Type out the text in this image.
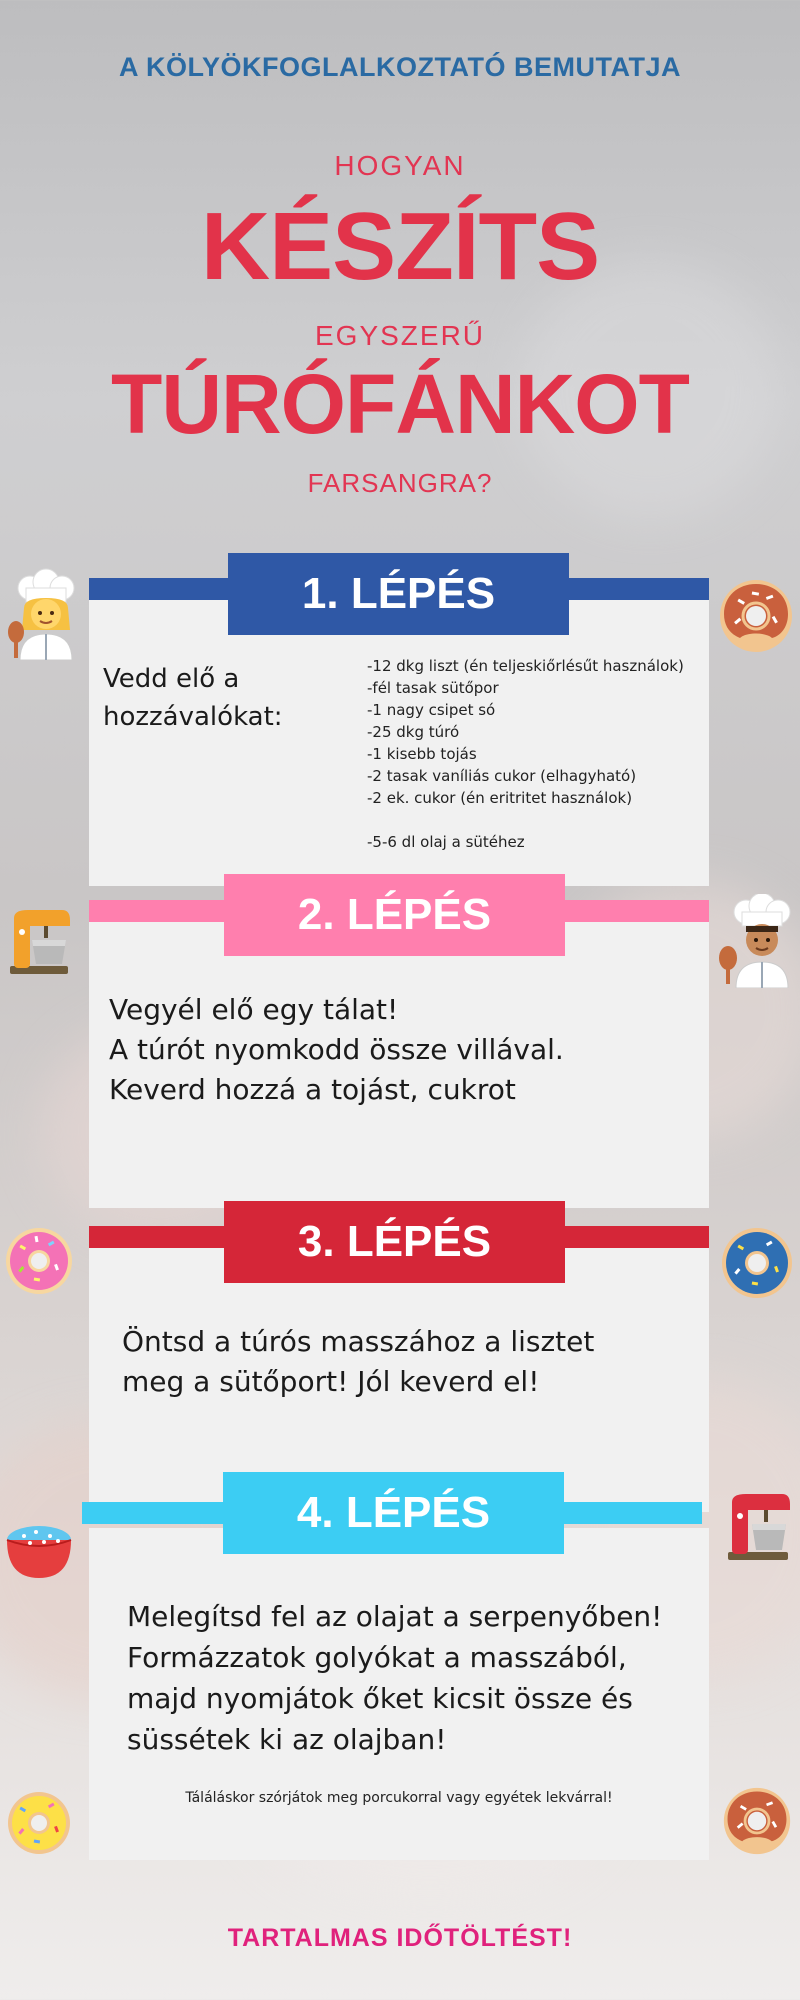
A KÖLYÖKFOGLALKOZTATÓ BEMUTATJA
HOGYAN
KÉSZÍTS
EGYSZERŰ
TÚRÓFÁNKOT
FARSANGRA?
1. LÉPÉS
Vedd elő a hozzávalókat:
-12 dkg liszt (én teljeskiőrlésűt használok)
-fél tasak sütőpor
-1 nagy csipet só
-25 dkg túró
-1 kisebb tojás
-2 tasak vaníliás cukor (elhagyható)
-2 ek. cukor (én eritritet használok)
-5-6 dl olaj a sütéhez
2. LÉPÉS
Vegyél elő egy tálat!
A túrót nyomkodd össze villával.
Keverd hozzá a tojást, cukrot
3. LÉPÉS
Öntsd a túrós masszához a lisztet
meg a sütőport! Jól keverd el!
4. LÉPÉS
Melegítsd fel az olajat a serpenyőben!
Formázzatok golyókat a masszából,
majd nyomjátok őket kicsit össze és
süssétek ki az olajban!
Táláláskor szórjátok meg porcukorral vagy egyétek lekvárral!
TARTALMAS IDŐTÖLTÉST!
